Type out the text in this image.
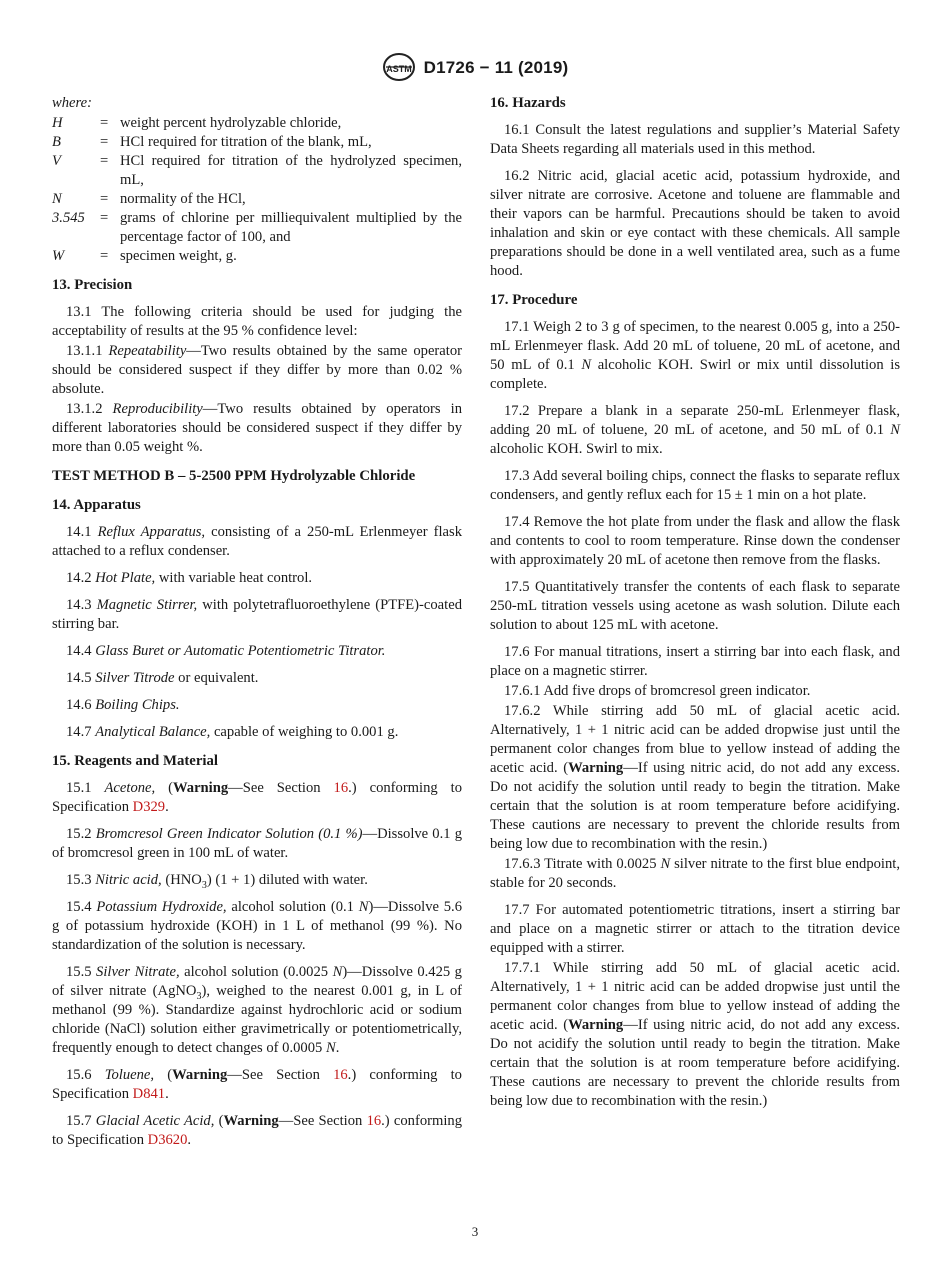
ASTM D1726 − 11 (2019)

where:

H	= weight percent hydrolyzable chloride,
B	= HCl required for titration of the blank, mL,
V	= HCl required for titration of the hydrolyzed specimen, mL,
N	= normality of the HCl,
3.545	= grams of chlorine per milliequivalent multiplied by the percentage factor of 100, and
W	= specimen weight, g.

13. Precision

13.1 The following criteria should be used for judging the acceptability of results at the 95 % confidence level:

13.1.1 Repeatability—Two results obtained by the same operator should be considered suspect if they differ by more than 0.02 % absolute.

13.1.2 Reproducibility—Two results obtained by operators in different laboratories should be considered suspect if they differ by more than 0.05 weight %.

TEST METHOD B – 5-2500 PPM Hydrolyzable Chloride

14. Apparatus

14.1 Reflux Apparatus, consisting of a 250-mL Erlenmeyer flask attached to a reflux condenser.

14.2 Hot Plate, with variable heat control.

14.3 Magnetic Stirrer, with polytetrafluoroethylene (PTFE)-coated stirring bar.

14.4 Glass Buret or Automatic Potentiometric Titrator.

14.5 Silver Titrode or equivalent.

14.6 Boiling Chips.

14.7 Analytical Balance, capable of weighing to 0.001 g.

15. Reagents and Material

15.1 Acetone, (Warning—See Section 16.) conforming to Specification D329.

15.2 Bromcresol Green Indicator Solution (0.1 %)—Dissolve 0.1 g of bromcresol green in 100 mL of water.

15.3 Nitric acid, $(HNO_3) (1 + 1)$ diluted with water.

15.4 Potassium Hydroxide, alcohol solution (0.1 N)—Dissolve 5.6 g of potassium hydroxide (KOH) in 1 L of methanol (99 %). No standardization of the solution is necessary.

15.5 Silver Nitrate, alcohol solution (0.0025 N)—Dissolve 0.425 g of silver nitrate (AgNO$_3$), weighed to the nearest 0.001 g, in L of methanol (99 %). Standardize against hydrochloric acid or sodium chloride (NaCl) solution either gravimetrically or potentiometrically, frequently enough to detect changes of 0.0005 N.

15.6 Toluene, (Warning—See Section 16.) conforming to Specification D841.

15.7 Glacial Acetic Acid, (Warning—See Section 16.) conforming to Specification D3620.

16. Hazards

16.1 Consult the latest regulations and supplier’s Material Safety Data Sheets regarding all materials used in this method.

16.2 Nitric acid, glacial acetic acid, potassium hydroxide, and silver nitrate are corrosive. Acetone and toluene are flammable and their vapors can be harmful. Precautions should be taken to avoid inhalation and skin or eye contact with these chemicals. All sample preparations should be done in a well ventilated area, such as a fume hood.

17. Procedure

17.1 Weigh 2 to 3 g of specimen, to the nearest 0.005 g, into a 250-mL Erlenmeyer flask. Add 20 mL of toluene, 20 mL of acetone, and 50 mL of 0.1 N alcoholic KOH. Swirl or mix until dissolution is complete.

17.2 Prepare a blank in a separate 250-mL Erlenmeyer flask, adding 20 mL of toluene, 20 mL of acetone, and 50 mL of 0.1 N alcoholic KOH. Swirl to mix.

17.3 Add several boiling chips, connect the flasks to separate reflux condensers, and gently reflux each for 15 ± 1 min on a hot plate.

17.4 Remove the hot plate from under the flask and allow the flask and contents to cool to room temperature. Rinse down the condenser with approximately 20 mL of acetone then remove from the flasks.

17.5 Quantitatively transfer the contents of each flask to separate 250-mL titration vessels using acetone as wash solution. Dilute each solution to about 125 mL with acetone.

17.6 For manual titrations, insert a stirring bar into each flask, and place on a magnetic stirrer.

17.6.1 Add five drops of bromcresol green indicator.

17.6.2 While stirring add 50 mL of glacial acetic acid. Alternatively, 1 + 1 nitric acid can be added dropwise just until the permanent color changes from blue to yellow instead of adding the acetic acid. (Warning—If using nitric acid, do not add any excess. Do not acidify the solution until ready to begin the titration. Make certain that the solution is at room temperature before acidifying. These cautions are necessary to prevent the chloride results from being low due to recombination with the resin.)

17.6.3 Titrate with 0.0025 N silver nitrate to the first blue endpoint, stable for 20 seconds.

17.7 For automated potentiometric titrations, insert a stirring bar and place on a magnetic stirrer or attach to the titration device equipped with a stirrer.

17.7.1 While stirring add 50 mL of glacial acetic acid. Alternatively, 1 + 1 nitric acid can be added dropwise just until the permanent color changes from blue to yellow instead of adding the acetic acid. (Warning—If using nitric acid, do not add any excess. Do not acidify the solution until ready to begin the titration. Make certain that the solution is at room temperature before acidifying. These cautions are necessary to prevent the chloride results from being low due to recombination with the resin.)

3
